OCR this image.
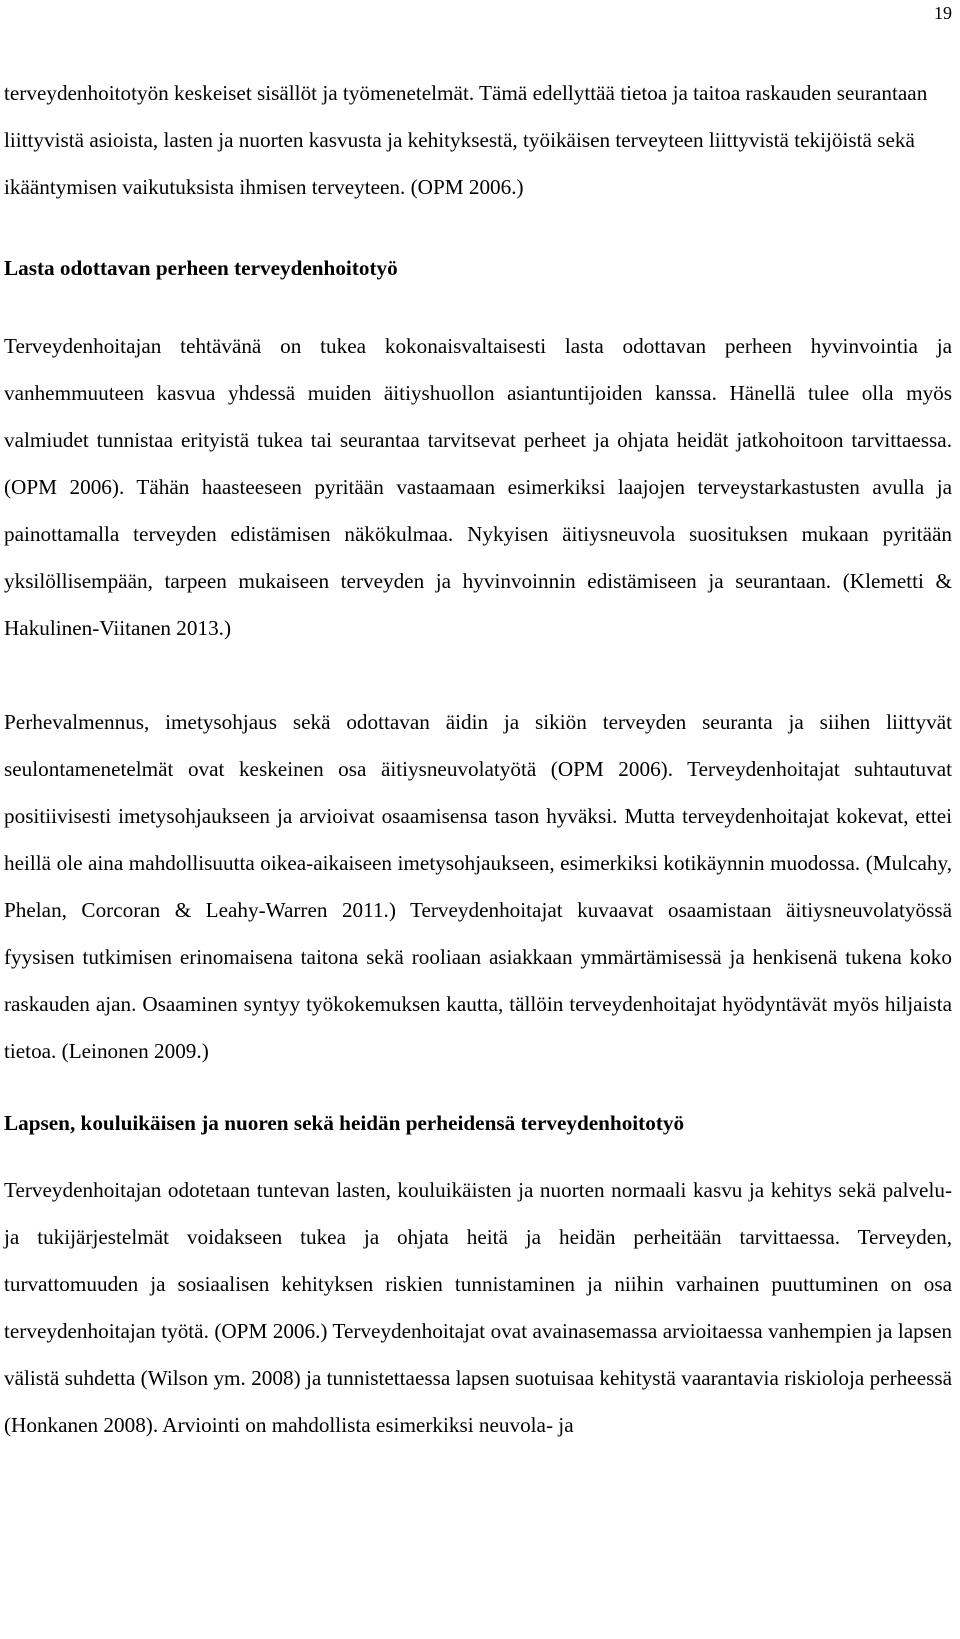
19

terveydenhoitotyön keskeiset sisällöt ja työmenetelmät. Tämä edellyttää tietoa ja taitoa raskauden seurantaan liittyvistä asioista, lasten ja nuorten kasvusta ja kehityksestä, työikäisen terveyteen liittyvistä tekijöistä sekä ikääntymisen vaikutuksista ihmisen terveyteen. (OPM 2006.)

Lasta odottavan perheen terveydenhoitotyö

Terveydenhoitajan tehtävänä on tukea kokonaisvaltaisesti lasta odottavan perheen hyvinvointia ja vanhemmuuteen kasvua yhdessä muiden äitiyshuollon asiantuntijoiden kanssa. Hänellä tulee olla myös valmiudet tunnistaa erityistä tukea tai seurantaa tarvitsevat perheet ja ohjata heidät jatkohoitoon tarvittaessa. (OPM 2006). Tähän haasteeseen pyritään vastaamaan esimerkiksi laajojen terveystarkastusten avulla ja painottamalla terveyden edistämisen näkökulmaa. Nykyisen äitiysneuvola suosituksen mukaan pyritään yksilöllisempään, tarpeen mukaiseen terveyden ja hyvinvoinnin edistämiseen ja seurantaan. (Klemetti & Hakulinen-Viitanen 2013.)

Perhevalmennus, imetysohjaus sekä odottavan äidin ja sikiön terveyden seuranta ja siihen liittyvät seulontamenetelmät ovat keskeinen osa äitiysneuvolatyötä (OPM 2006). Terveydenhoitajat suhtautuvat positiivisesti imetysohjaukseen ja arvioivat osaamisensa tason hyväksi. Mutta terveydenhoitajat kokevat, ettei heillä ole aina mahdollisuutta oikea-aikaiseen imetysohjaukseen, esimerkiksi kotikäynnin muodossa. (Mulcahy, Phelan, Corcoran & Leahy-Warren 2011.) Terveydenhoitajat kuvaavat osaamistaan äitiysneuvolatyössä fyysisen tutkimisen erinomaisena taitona sekä rooliaan asiakkaan ymmärtämisessä ja henkisenä tukena koko raskauden ajan. Osaaminen syntyy työkokemuksen kautta, tällöin terveydenhoitajat hyödyntävät myös hiljaista tietoa. (Leinonen 2009.)

Lapsen, kouluikäisen ja nuoren sekä heidän perheidensä terveydenhoitotyö

Terveydenhoitajan odotetaan tuntevan lasten, kouluikäisten ja nuorten normaali kasvu ja kehitys sekä palvelu- ja tukijärjestelmät voidakseen tukea ja ohjata heitä ja heidän perheitään tarvittaessa. Terveyden, turvattomuuden ja sosiaalisen kehityksen riskien tunnistaminen ja niihin varhainen puuttuminen on osa terveydenhoitajan työtä. (OPM 2006.) Terveydenhoitajat ovat avainasemassa arvioitaessa vanhempien ja lapsen välistä suhdetta (Wilson ym. 2008) ja tunnistettaessa lapsen suotuisaa kehitystä vaarantavia riskioloja perheessä (Honkanen 2008). Arviointi on mahdollista esimerkiksi neuvola- ja
